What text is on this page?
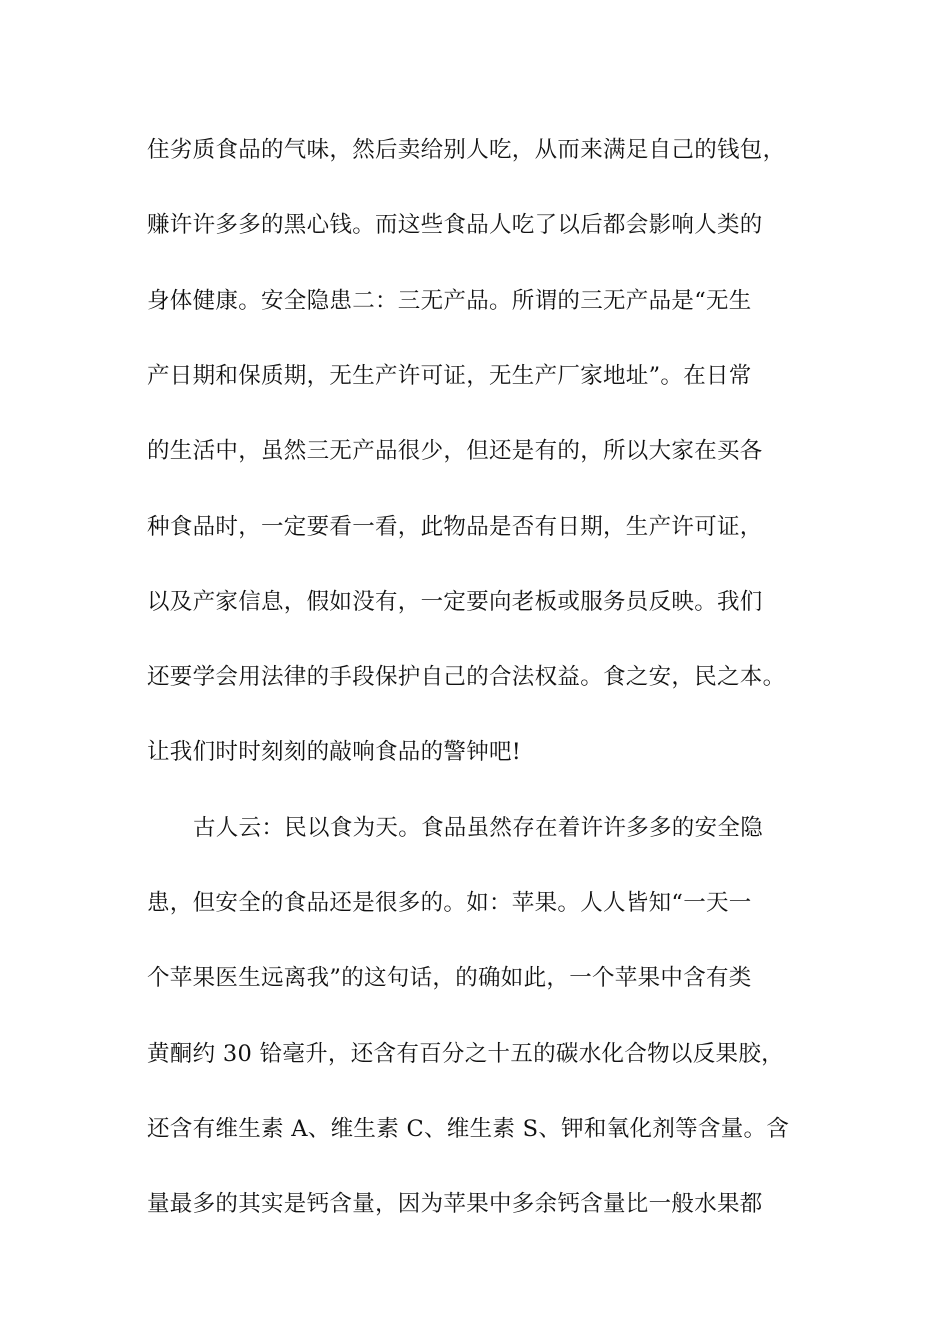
住劣质食品的气味，然后卖给别人吃，从而来满足自己的钱包，
赚许许多多的黑心钱。而这些食品人吃了以后都会影响人类的
身体健康。安全隐患二：三无产品。所谓的三无产品是“无生
产日期和保质期，无生产许可证，无生产厂家地址”。在日常
的生活中，虽然三无产品很少，但还是有的，所以大家在买各
种食品时，一定要看一看，此物品是否有日期，生产许可证，
以及产家信息，假如没有，一定要向老板或服务员反映。我们
还要学会用法律的手段保护自己的合法权益。食之安，民之本。
让我们时时刻刻的敲响食品的警钟吧!
古人云：民以食为天。食品虽然存在着许许多多的安全隐
患，但安全的食品还是很多的。如：苹果。人人皆知“一天一
个苹果医生远离我”的这句话，的确如此，一个苹果中含有类
黄酮约 30 铪毫升，还含有百分之十五的碳水化合物以反果胶，
还含有维生素 A、维生素 C、维生素 S、钾和氧化剂等含量。含
量最多的其实是钙含量，因为苹果中多余钙含量比一般水果都
